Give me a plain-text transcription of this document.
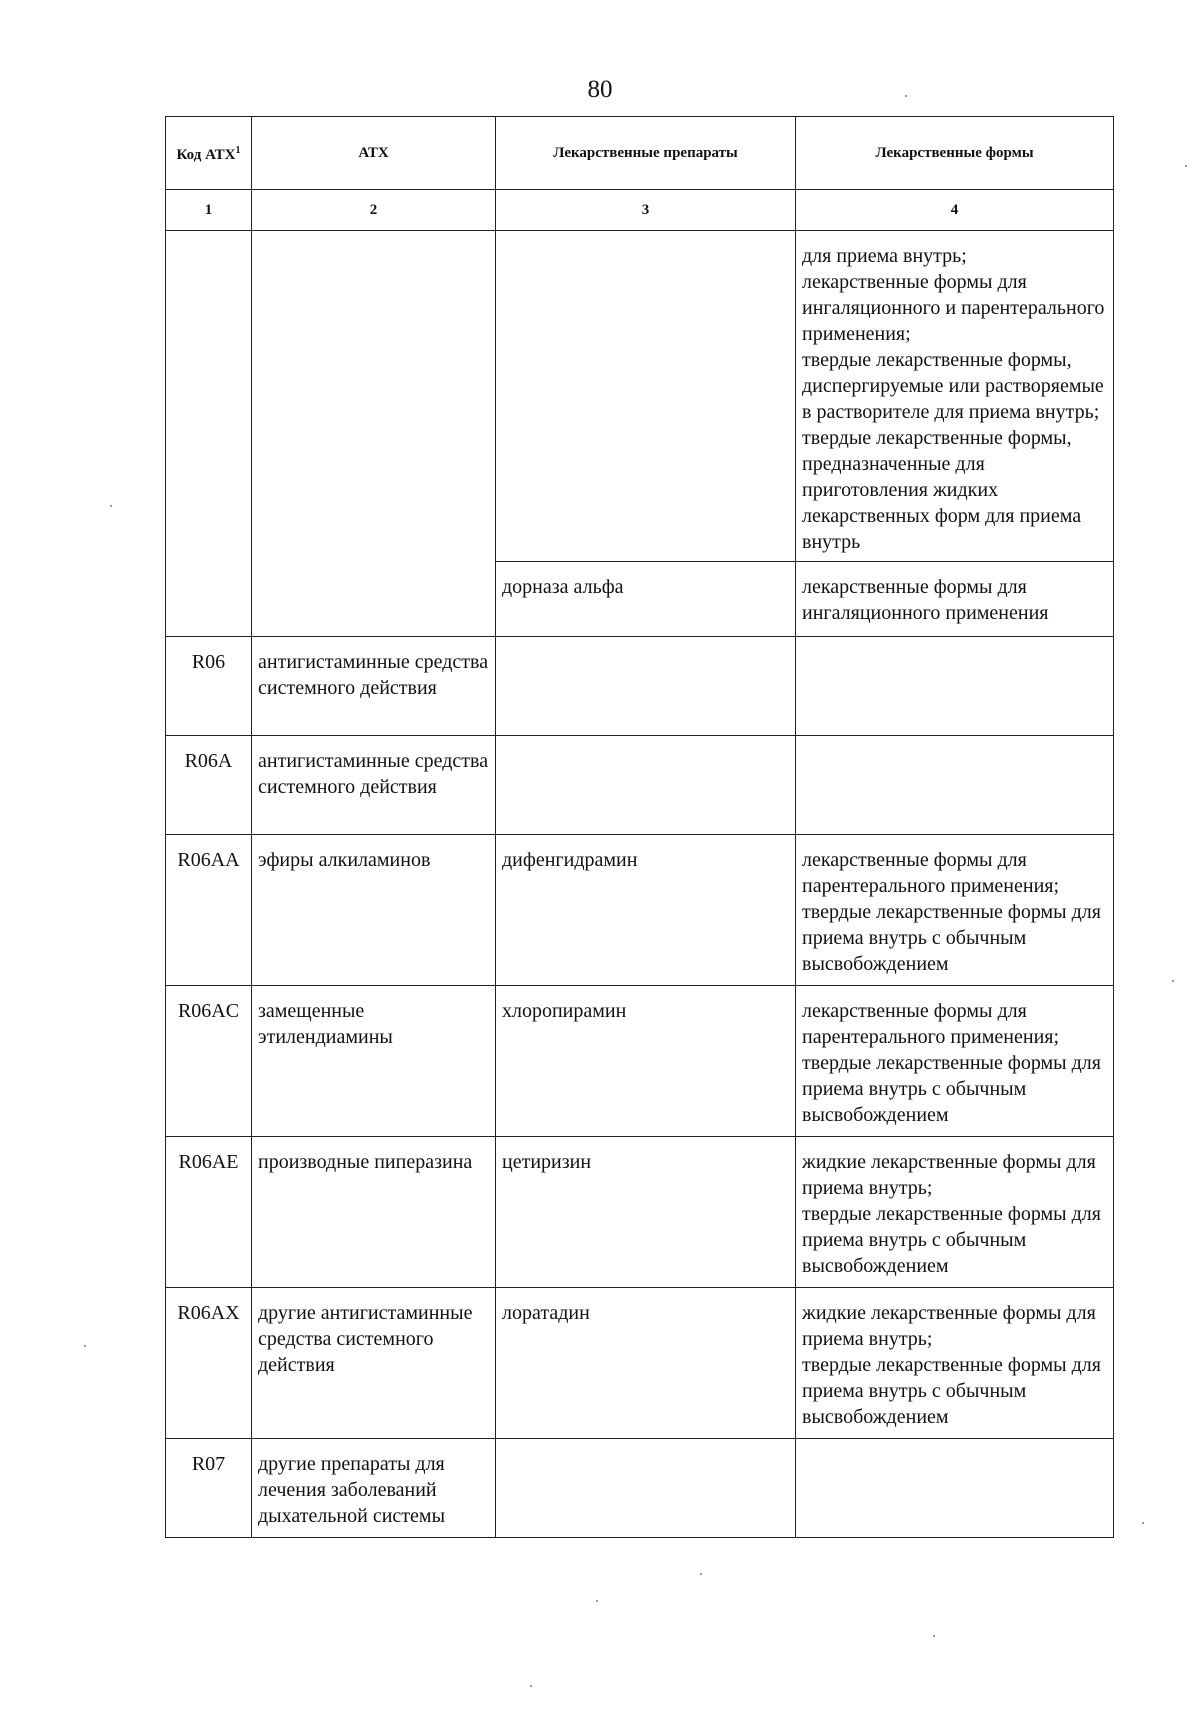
80
Код АТХ$^1$	АТХ	Лекарственные препараты	Лекарственные формы
1	2	3	4
			для приема внутрь;
лекарственные формы для ингаляционного и парентерального применения;
твердые лекарственные формы, диспергируемые или растворяемые в растворителе для приема внутрь;
твердые лекарственные формы, предназначенные для приготовления жидких лекарственных форм для приема внутрь
		дорназа альфа	лекарственные формы для ингаляционного применения
R06	антигистаминные средства системного действия		
R06A	антигистаминные средства системного действия		
R06AA	эфиры алкиламинов	дифенгидрамин	лекарственные формы для парентерального применения;
твердые лекарственные формы для приема внутрь с обычным высвобождением
R06AC	замещенные этилендиамины	хлоропирамин	лекарственные формы для парентерального применения;
твердые лекарственные формы для приема внутрь с обычным высвобождением
R06AE	производные пиперазина	цетиризин	жидкие лекарственные формы для приема внутрь;
твердые лекарственные формы для приема внутрь с обычным высвобождением
R06AX	другие антигистаминные средства системного действия	лоратадин	жидкие лекарственные формы для приема внутрь;
твердые лекарственные формы для приема внутрь с обычным высвобождением
R07	другие препараты для лечения заболеваний дыхательной системы		
